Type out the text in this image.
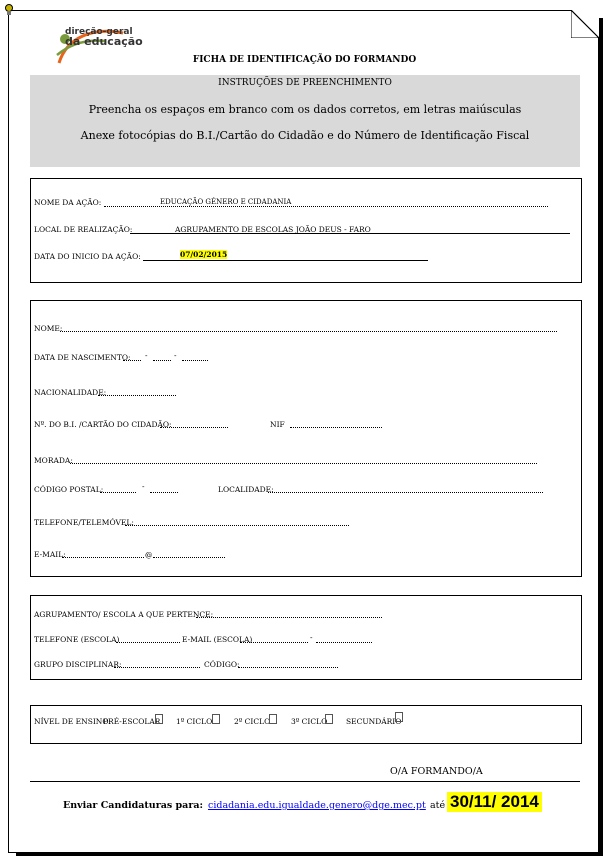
direção-geral
da educação
FICHA DE IDENTIFICAÇÃO DO FORMANDO
INSTRUÇÕES DE PREENCHIMENTO
Preencha os espaços em branco com os dados corretos, em letras maiúsculas
Anexe fotocópias do B.I./Cartão do Cidadão e do Número de Identificação Fiscal
NOME DA AÇÃO:	EDUCAÇÃO GÉNERO E CIDADANIA
LOCAL DE REALIZAÇÃO:	AGRUPAMENTO DE ESCOLAS JOÃO DEUS - FARO
DATA DO INICIO DA AÇÃO:	07/02/2015
NOME:
DATA DE NASCIMENTO: -	-
NACIONALIDADE:
Nº. DO B.I. /CARTÃO DO CIDADÃO:	NIF
MORADA:
CÓDIGO POSTAL:	-	LOCALIDADE:
TELEFONE/TELEMÓVEL:
E-MAIL:	@
AGRUPAMENTO/ ESCOLA A QUE PERTENCE:
TELEFONE (ESCOLA)	E-MAIL (ESCOLA)	-
GRUPO DISCIPLINAR:	CÓDIGO:
NÍVEL DE ENSINO:
PRÉ-ESCOLAR 1º CICLO	2º CICLO	3º CICLO SECUNDÁRIO
O/A FORMANDO/A
Enviar Candidaturas para: cidadania.edu.igualdade.genero@dge.mec.pt até 30/11/ 2014
